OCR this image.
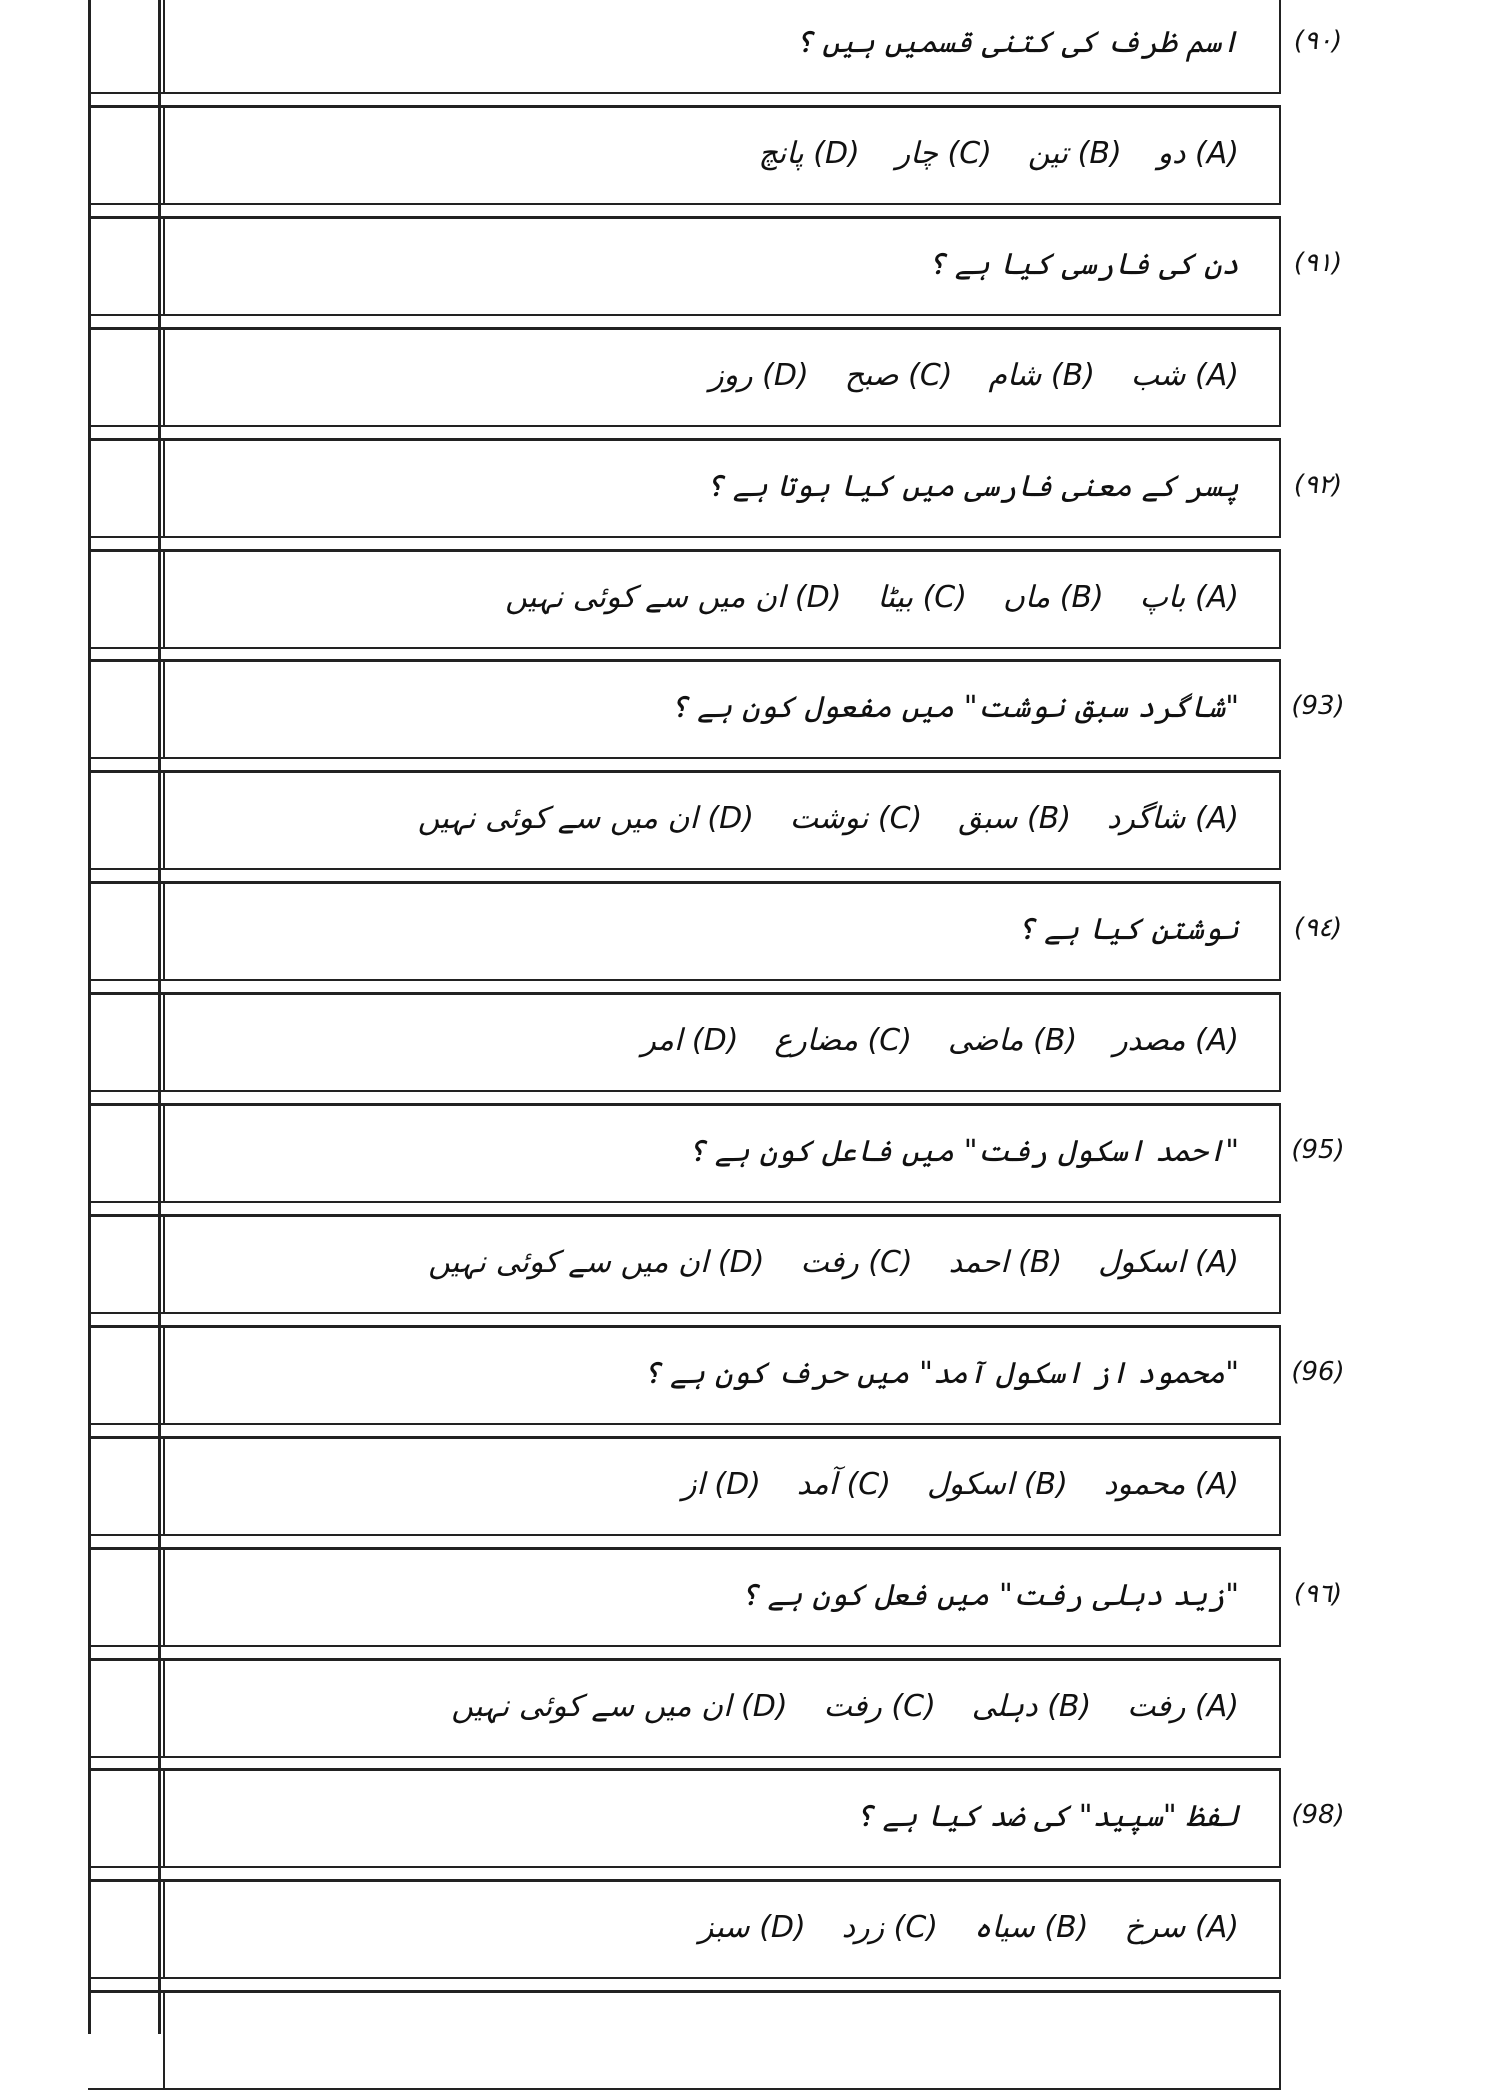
اسم ظرف کی کتنی قسمیں ہیں ؟ (٩٠)
(A) دو(B) تین(C) چار(D) پانچ
دن کی فارسی کیا ہے ؟ (٩١)
(A) شب(B) شام(C) صبح(D) روز
پسر کے معنی فارسی میں کیا ہوتا ہے ؟ (٩٢)
(A) باپ(B) ماں(C) بیٹا(D) ان میں سے کوئی نہیں
"شاگرد سبق نوشت" میں مفعول کون ہے ؟ (93)
(A) شاگرد(B) سبق(C) نوشت(D) ان میں سے کوئی نہیں
نوشتن کیا ہے ؟ (٩٤)
(A) مصدر(B) ماضی(C) مضارع(D) امر
"احمد اسکول رفت" میں فاعل کون ہے ؟ (95)
(A) اسکول(B) احمد(C) رفت(D) ان میں سے کوئی نہیں
"محمود از اسکول آمد" میں حرف کون ہے ؟ (96)
(A) محمود(B) اسکول(C) آمد(D) از
"زید دہلی رفت" میں فعل کون ہے ؟ (٩٦)
(A) رفت(B) دہلی(C) رفت(D) ان میں سے کوئی نہیں
لفظ "سپید" کی ضد کیا ہے ؟ (98)
(A) سرخ(B) سیاہ(C) زرد(D) سبز
